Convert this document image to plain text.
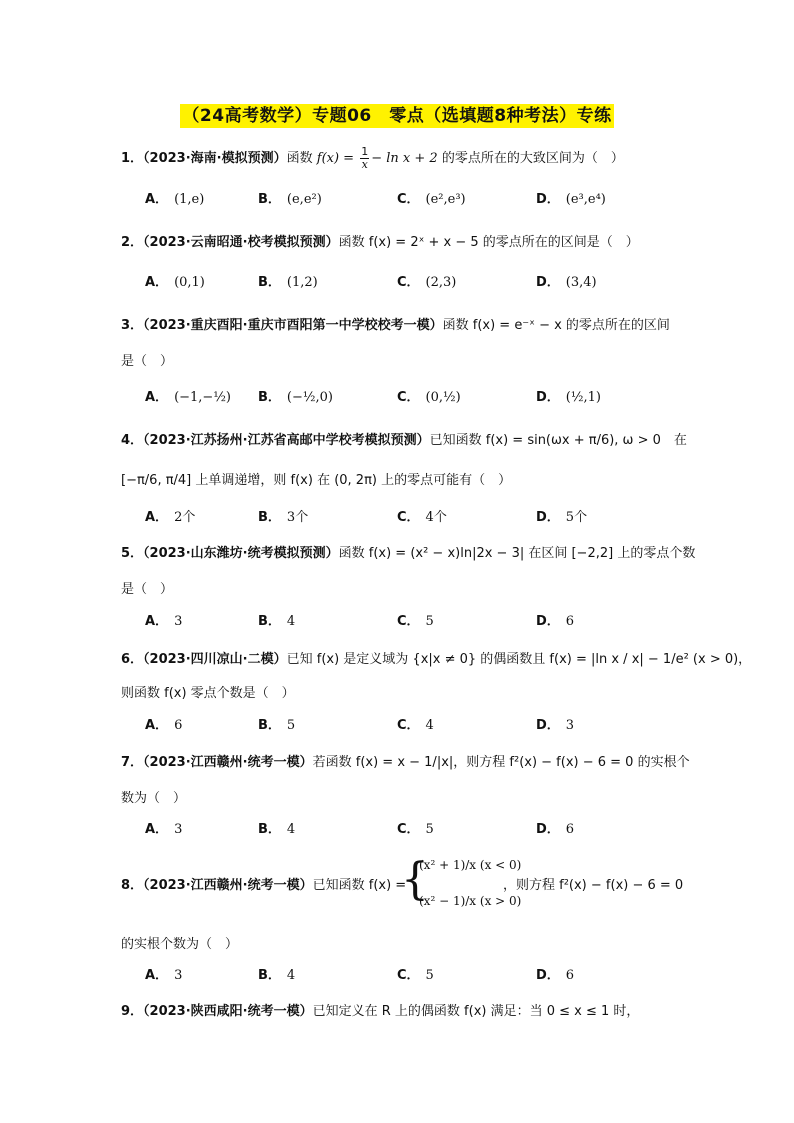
（24高考数学）专题06　零点（选填题8种考法）专练
1．（2023·海南·模拟预测）函数 $f(x) = \frac{1}{x} - \ln x + 2$ 的零点所在的大致区间为（　）
A． (1,e)	B． (e,e²)	C． (e²,e³)	D． (e³,e⁴)
2．（2023·云南昭通·校考模拟预测）函数 f(x) = 2ˣ + x − 5 的零点所在的区间是（　）
A． (0,1)	B． (1,2)	C． (2,3)	D． (3,4)
3．（2023·重庆酉阳·重庆市酉阳第一中学校校考一模）函数 f(x) = e⁻ˣ − x 的零点所在的区间
是（　）
A． (−1,−½) B． (−½,0)	C． (0,½)	D． (½,1)
4．（2023·江苏扬州·江苏省高邮中学校考模拟预测）已知函数 f(x) = sin(ωx + π/6), ω > 0　在
[−π/6, π/4] 上单调递增，则 f(x) 在 (0, 2π) 上的零点可能有（　）
A． 2个	B． 3个	C． 4个	D． 5个
5．（2023·山东潍坊·统考模拟预测）函数 f(x) = (x² − x)ln|2x − 3| 在区间 [−2,2] 上的零点个数
是（　）
A． 3	B． 4	C． 5	D． 6
6．（2023·四川凉山·二模）已知 f(x) 是定义域为 {x|x ≠ 0} 的偶函数且 f(x) = |ln x / x| − 1/e² (x > 0)，
则函数 f(x) 零点个数是（　）
A． 6	B． 5	C． 4	D． 3
7．（2023·江西赣州·统考一模）若函数 f(x) = x − 1/|x|，则方程 f²(x) − f(x) − 6 = 0 的实根个
数为（　）
A． 3	B． 4	C． 5	D． 6
8．（2023·江西赣州·统考一模）已知函数 f(x) =
{
(x² + 1)/x (x < 0)
(x² − 1)/x (x > 0)
，则方程 f²(x) − f(x) − 6 = 0
的实根个数为（　）
A． 3	B． 4	C． 5	D． 6
9．（2023·陕西咸阳·统考一模）已知定义在 R 上的偶函数 f(x) 满足：当 0 ≤ x ≤ 1 时，
